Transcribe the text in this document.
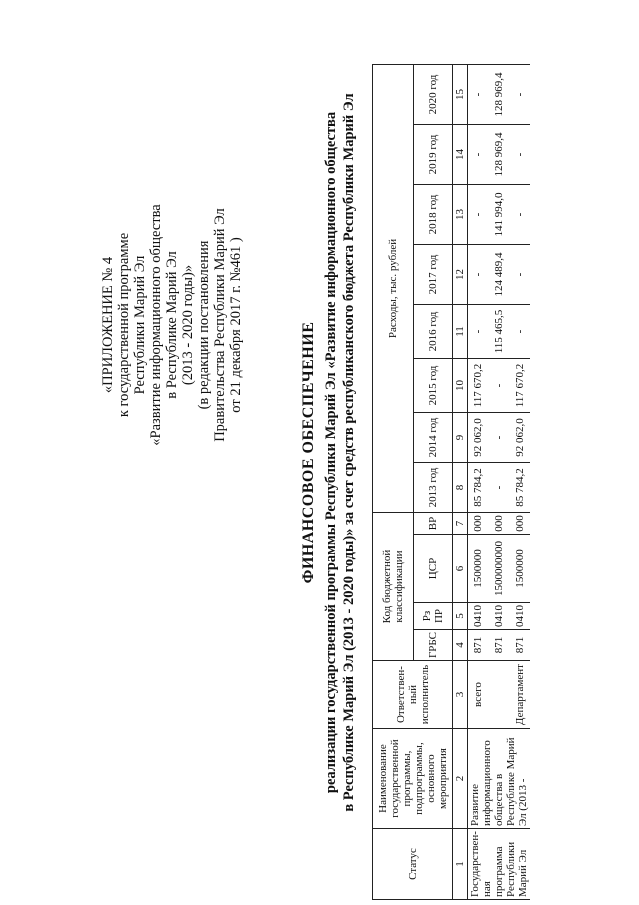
«ПРИЛОЖЕНИЕ № 4 к государственной программе Республики Марий Эл «Развитие информационного общества в Республике Марий Эл (2013 - 2020 годы)» (в редакции постановления Правительства Республики Марий Эл от 21 декабря 2017 г. №461 )	ФИНАНСОВОЕ ОБЕСПЕЧЕНИЕ реализации государственной программы Республики Марий Эл «Развитие информационного общества в Республике Марий Эл (2013 - 2020 годы)» за счет средств республиканского бюджета Республики Марий Эл
Статус	Наименование государственной программы, подпрограммы, основного мероприятия	Ответствен-ный исполнитель	Код бюджетной классификации				Расходы, тыс. рублей							
			ГРБС	Рз ПР	ЦСР	ВР	2013 год	2014 год	2015 год	2016 год	2017 год	2018 год	2019 год	2020 год
1	2	3	4	5	6	7	8	9	10	11	12	13	14	15
Государствен-ная программа Республики Марий Эл	Развитие информационного общества в Республике Марий Эл (2013 -	всего	871	0410	1500000	000	85 784,2	92 062,0	117 670,2	-	-	-	-	-
			871	0410	1500000000	000	-	-	-	115 465,5	124 489,4	141 994,0	128 969,4	128 969,4
		Департамент	871	0410	1500000	000	85 784,2	92 062,0	117 670,2	-	-	-	-	-
